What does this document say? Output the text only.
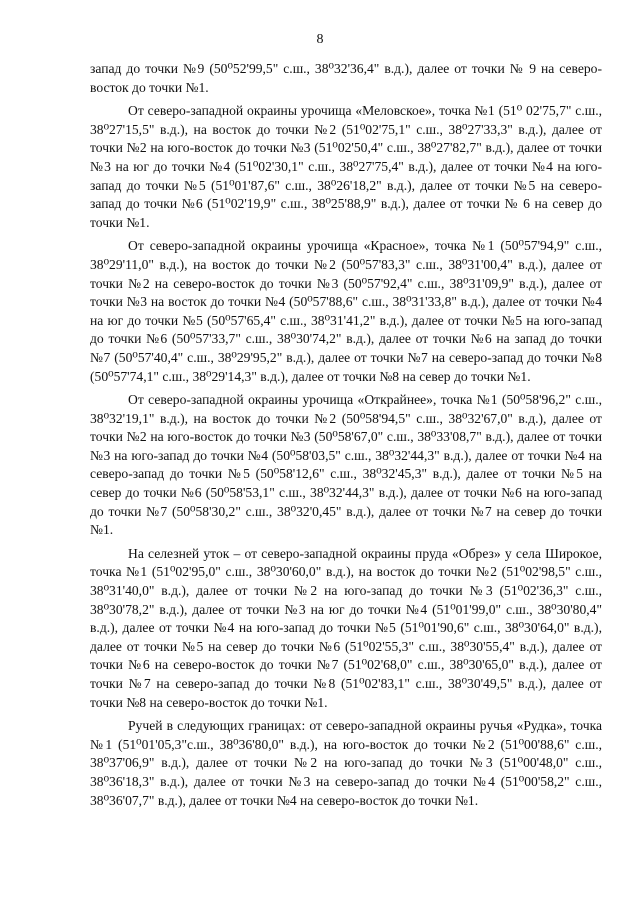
8

запад до точки №9 (50⁰52'99,5" с.ш., 38⁰32'36,4" в.д.), далее от точки № 9 на северо-восток до точки №1.

От северо-западной окраины урочища «Меловское», точка №1 (51⁰ 02'75,7" с.ш., 38⁰27'15,5" в.д.), на восток до точки №2 (51⁰02'75,1" с.ш., 38⁰27'33,3" в.д.), далее от точки №2 на юго-восток до точки №3 (51⁰02'50,4" с.ш., 38⁰27'82,7" в.д.), далее от точки №3 на юг до точки №4 (51⁰02'30,1" с.ш., 38⁰27'75,4" в.д.), далее от точки №4 на юго-запад до точки №5 (51⁰01'87,6" с.ш., 38⁰26'18,2" в.д.), далее от точки №5 на северо-запад до точки №6 (51⁰02'19,9" с.ш., 38⁰25'88,9" в.д.), далее от точки № 6 на север до точки №1.

От северо-западной окраины урочища «Красное», точка №1 (50⁰57'94,9" с.ш., 38⁰29'11,0" в.д.), на восток до точки №2 (50⁰57'83,3" с.ш., 38⁰31'00,4" в.д.), далее от точки №2 на северо-восток до точки №3 (50⁰57'92,4" с.ш., 38⁰31'09,9" в.д.), далее от точки №3 на восток до точки №4 (50⁰57'88,6" с.ш., 38⁰31'33,8" в.д.), далее от точки №4 на юг до точки №5 (50⁰57'65,4" с.ш., 38⁰31'41,2" в.д.), далее от точки №5 на юго-запад до точки №6 (50⁰57'33,7" с.ш., 38⁰30'74,2" в.д.), далее от точки №6 на запад до точки №7 (50⁰57'40,4" с.ш., 38⁰29'95,2" в.д.), далее от точки №7 на северо-запад до точки №8 (50⁰57'74,1" с.ш., 38⁰29'14,3" в.д.), далее от точки №8 на север до точки №1.

От северо-западной окраины урочища «Открайнее», точка №1 (50⁰58'96,2" с.ш., 38⁰32'19,1" в.д.), на восток до точки №2 (50⁰58'94,5" с.ш., 38⁰32'67,0" в.д.), далее от точки №2 на юго-восток до точки №3 (50⁰58'67,0" с.ш., 38⁰33'08,7" в.д.), далее от точки №3 на юго-запад до точки №4 (50⁰58'03,5" с.ш., 38⁰32'44,3" в.д.), далее от точки №4 на северо-запад до точки №5 (50⁰58'12,6" с.ш., 38⁰32'45,3" в.д.), далее от точки №5 на север до точки №6 (50⁰58'53,1" с.ш., 38⁰32'44,3" в.д.), далее от точки №6 на юго-запад до точки №7 (50⁰58'30,2" с.ш., 38⁰32'0,45" в.д.), далее от точки №7 на север до точки №1.

На селезней уток – от северо-западной окраины пруда «Обрез» у села Широкое, точка №1 (51⁰02'95,0" с.ш., 38⁰30'60,0" в.д.), на восток до точки №2 (51⁰02'98,5" с.ш., 38⁰31'40,0" в.д.), далее от точки №2 на юго-запад до точки №3 (51⁰02'36,3" с.ш., 38⁰30'78,2" в.д.), далее от точки №3 на юг до точки №4 (51⁰01'99,0" с.ш., 38⁰30'80,4" в.д.), далее от точки №4 на юго-запад до точки №5 (51⁰01'90,6" с.ш., 38⁰30'64,0" в.д.), далее от точки №5 на север до точки №6 (51⁰02'55,3" с.ш., 38⁰30'55,4" в.д.), далее от точки №6 на северо-восток до точки №7 (51⁰02'68,0" с.ш., 38⁰30'65,0" в.д.), далее от точки №7 на северо-запад до точки №8 (51⁰02'83,1" с.ш., 38⁰30'49,5" в.д.), далее от точки №8 на северо-восток до точки №1.

Ручей в следующих границах: от северо-западной окраины ручья «Рудка», точка №1 (51⁰01'05,3"с.ш., 38⁰36'80,0" в.д.), на юго-восток до точки №2 (51⁰00'88,6" с.ш., 38⁰37'06,9" в.д.), далее от точки №2 на юго-запад до точки №3 (51⁰00'48,0" с.ш., 38⁰36'18,3" в.д.), далее от точки №3 на северо-запад до точки №4 (51⁰00'58,2" с.ш., 38⁰36'07,7" в.д.), далее от точки №4 на северо-восток до точки №1.
